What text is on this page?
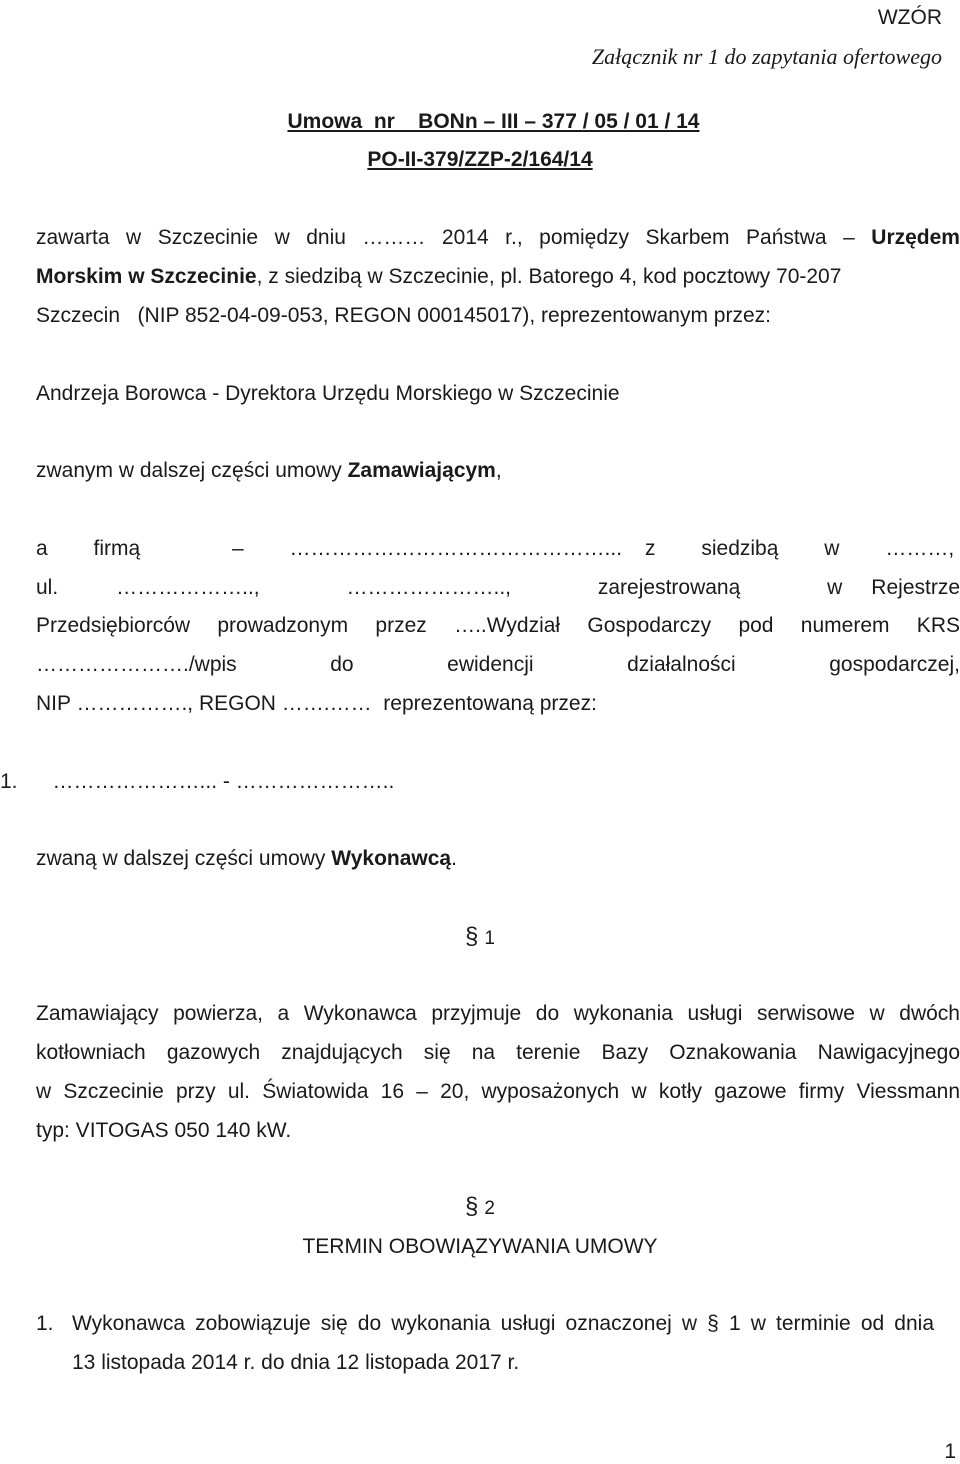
WZÓR
Załącznik nr 1 do zapytania ofertowego
Umowa  nr    BONn – III – 377 / 05 / 01 / 14
PO-II-379/ZZP-2/164/14
zawarta w Szczecinie w dniu ……… 2014 r., pomiędzy Skarbem Państwa – Urzędem
Morskim w Szczecinie, z siedzibą w Szczecinie, pl. Batorego 4, kod pocztowy 70-207
Szczecin   (NIP 852-04-09-053, REGON 000145017), reprezentowanym przez:
Andrzeja Borowca - Dyrektora Urzędu Morskiego w Szczecinie
zwanym w dalszej części umowy Zamawiającym,
a  firmą    –  ………………………………………... z  siedzibą  w  ………,
ul.  ………………..,   …………………..,   zarejestrowaną   w Rejestrze
Przedsiębiorców  prowadzonym  przez  …..Wydział  Gospodarczy  pod  numerem  KRS
…………………./wpis   do   ewidencji   działalności   gospodarczej,
NIP ……………., REGON …….……  reprezentowaną przez:
1.      …………………... - …………………..
zwaną w dalszej części umowy Wykonawcą.
§ 1
Zamawiający powierza, a Wykonawca przyjmuje do wykonania usługi serwisowe w dwóch
kotłowniach gazowych znajdujących się na terenie Bazy Oznakowania Nawigacyjnego
w Szczecinie przy ul. Światowida 16 – 20, wyposażonych w kotły gazowe firmy Viessmann
typ: VITOGAS 050 140 kW.
§ 2
TERMIN OBOWIĄZYWANIA UMOWY
1. Wykonawca zobowiązuje się do wykonania usługi oznaczonej w § 1 w terminie od dnia
13 listopada 2014 r. do dnia 12 listopada 2017 r.
1
